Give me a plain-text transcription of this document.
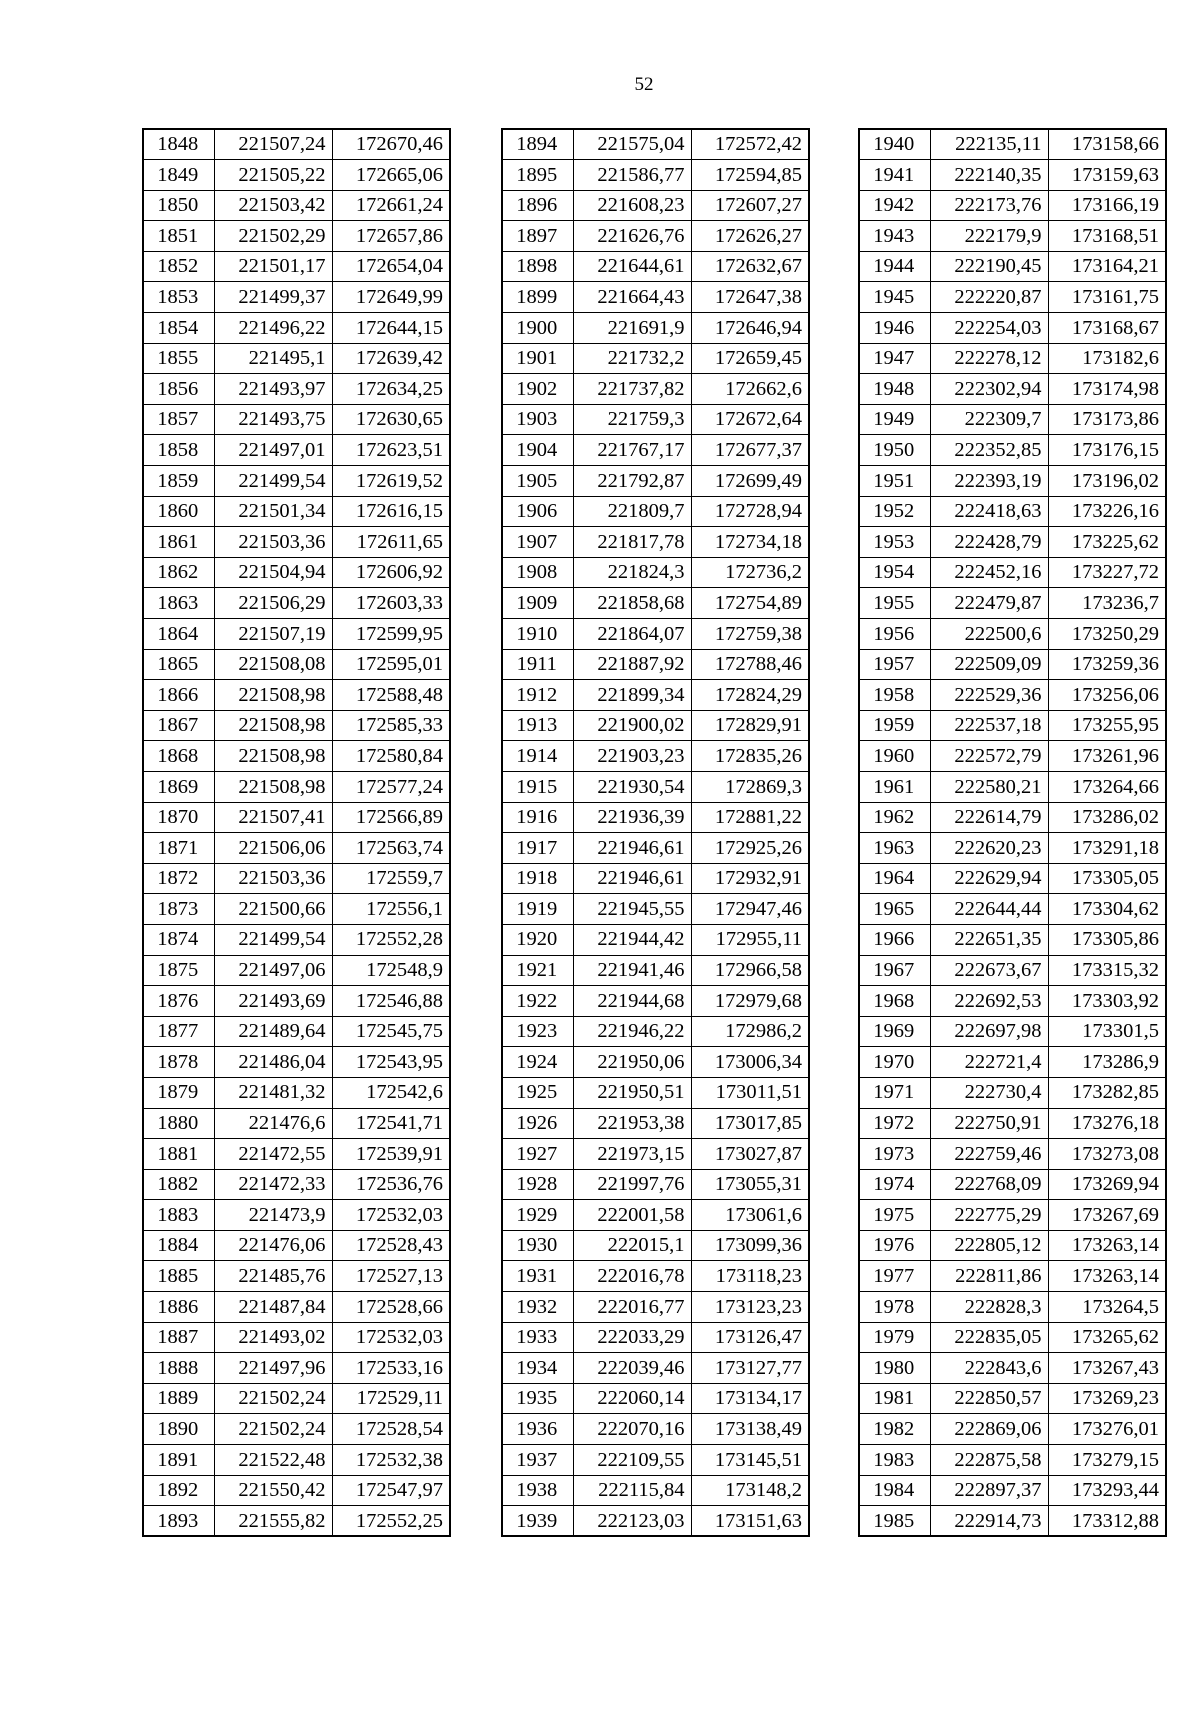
52
1848	221507,24	172670,46
1849	221505,22	172665,06
1850	221503,42	172661,24
1851	221502,29	172657,86
1852	221501,17	172654,04
1853	221499,37	172649,99
1854	221496,22	172644,15
1855	221495,1	172639,42
1856	221493,97	172634,25
1857	221493,75	172630,65
1858	221497,01	172623,51
1859	221499,54	172619,52
1860	221501,34	172616,15
1861	221503,36	172611,65
1862	221504,94	172606,92
1863	221506,29	172603,33
1864	221507,19	172599,95
1865	221508,08	172595,01
1866	221508,98	172588,48
1867	221508,98	172585,33
1868	221508,98	172580,84
1869	221508,98	172577,24
1870	221507,41	172566,89
1871	221506,06	172563,74
1872	221503,36	172559,7
1873	221500,66	172556,1
1874	221499,54	172552,28
1875	221497,06	172548,9
1876	221493,69	172546,88
1877	221489,64	172545,75
1878	221486,04	172543,95
1879	221481,32	172542,6
1880	221476,6	172541,71
1881	221472,55	172539,91
1882	221472,33	172536,76
1883	221473,9	172532,03
1884	221476,06	172528,43
1885	221485,76	172527,13
1886	221487,84	172528,66
1887	221493,02	172532,03
1888	221497,96	172533,16
1889	221502,24	172529,11
1890	221502,24	172528,54
1891	221522,48	172532,38
1892	221550,42	172547,97
1893	221555,82	172552,25
1894	221575,04	172572,42
1895	221586,77	172594,85
1896	221608,23	172607,27
1897	221626,76	172626,27
1898	221644,61	172632,67
1899	221664,43	172647,38
1900	221691,9	172646,94
1901	221732,2	172659,45
1902	221737,82	172662,6
1903	221759,3	172672,64
1904	221767,17	172677,37
1905	221792,87	172699,49
1906	221809,7	172728,94
1907	221817,78	172734,18
1908	221824,3	172736,2
1909	221858,68	172754,89
1910	221864,07	172759,38
1911	221887,92	172788,46
1912	221899,34	172824,29
1913	221900,02	172829,91
1914	221903,23	172835,26
1915	221930,54	172869,3
1916	221936,39	172881,22
1917	221946,61	172925,26
1918	221946,61	172932,91
1919	221945,55	172947,46
1920	221944,42	172955,11
1921	221941,46	172966,58
1922	221944,68	172979,68
1923	221946,22	172986,2
1924	221950,06	173006,34
1925	221950,51	173011,51
1926	221953,38	173017,85
1927	221973,15	173027,87
1928	221997,76	173055,31
1929	222001,58	173061,6
1930	222015,1	173099,36
1931	222016,78	173118,23
1932	222016,77	173123,23
1933	222033,29	173126,47
1934	222039,46	173127,77
1935	222060,14	173134,17
1936	222070,16	173138,49
1937	222109,55	173145,51
1938	222115,84	173148,2
1939	222123,03	173151,63
1940	222135,11	173158,66
1941	222140,35	173159,63
1942	222173,76	173166,19
1943	222179,9	173168,51
1944	222190,45	173164,21
1945	222220,87	173161,75
1946	222254,03	173168,67
1947	222278,12	173182,6
1948	222302,94	173174,98
1949	222309,7	173173,86
1950	222352,85	173176,15
1951	222393,19	173196,02
1952	222418,63	173226,16
1953	222428,79	173225,62
1954	222452,16	173227,72
1955	222479,87	173236,7
1956	222500,6	173250,29
1957	222509,09	173259,36
1958	222529,36	173256,06
1959	222537,18	173255,95
1960	222572,79	173261,96
1961	222580,21	173264,66
1962	222614,79	173286,02
1963	222620,23	173291,18
1964	222629,94	173305,05
1965	222644,44	173304,62
1966	222651,35	173305,86
1967	222673,67	173315,32
1968	222692,53	173303,92
1969	222697,98	173301,5
1970	222721,4	173286,9
1971	222730,4	173282,85
1972	222750,91	173276,18
1973	222759,46	173273,08
1974	222768,09	173269,94
1975	222775,29	173267,69
1976	222805,12	173263,14
1977	222811,86	173263,14
1978	222828,3	173264,5
1979	222835,05	173265,62
1980	222843,6	173267,43
1981	222850,57	173269,23
1982	222869,06	173276,01
1983	222875,58	173279,15
1984	222897,37	173293,44
1985	222914,73	173312,88
